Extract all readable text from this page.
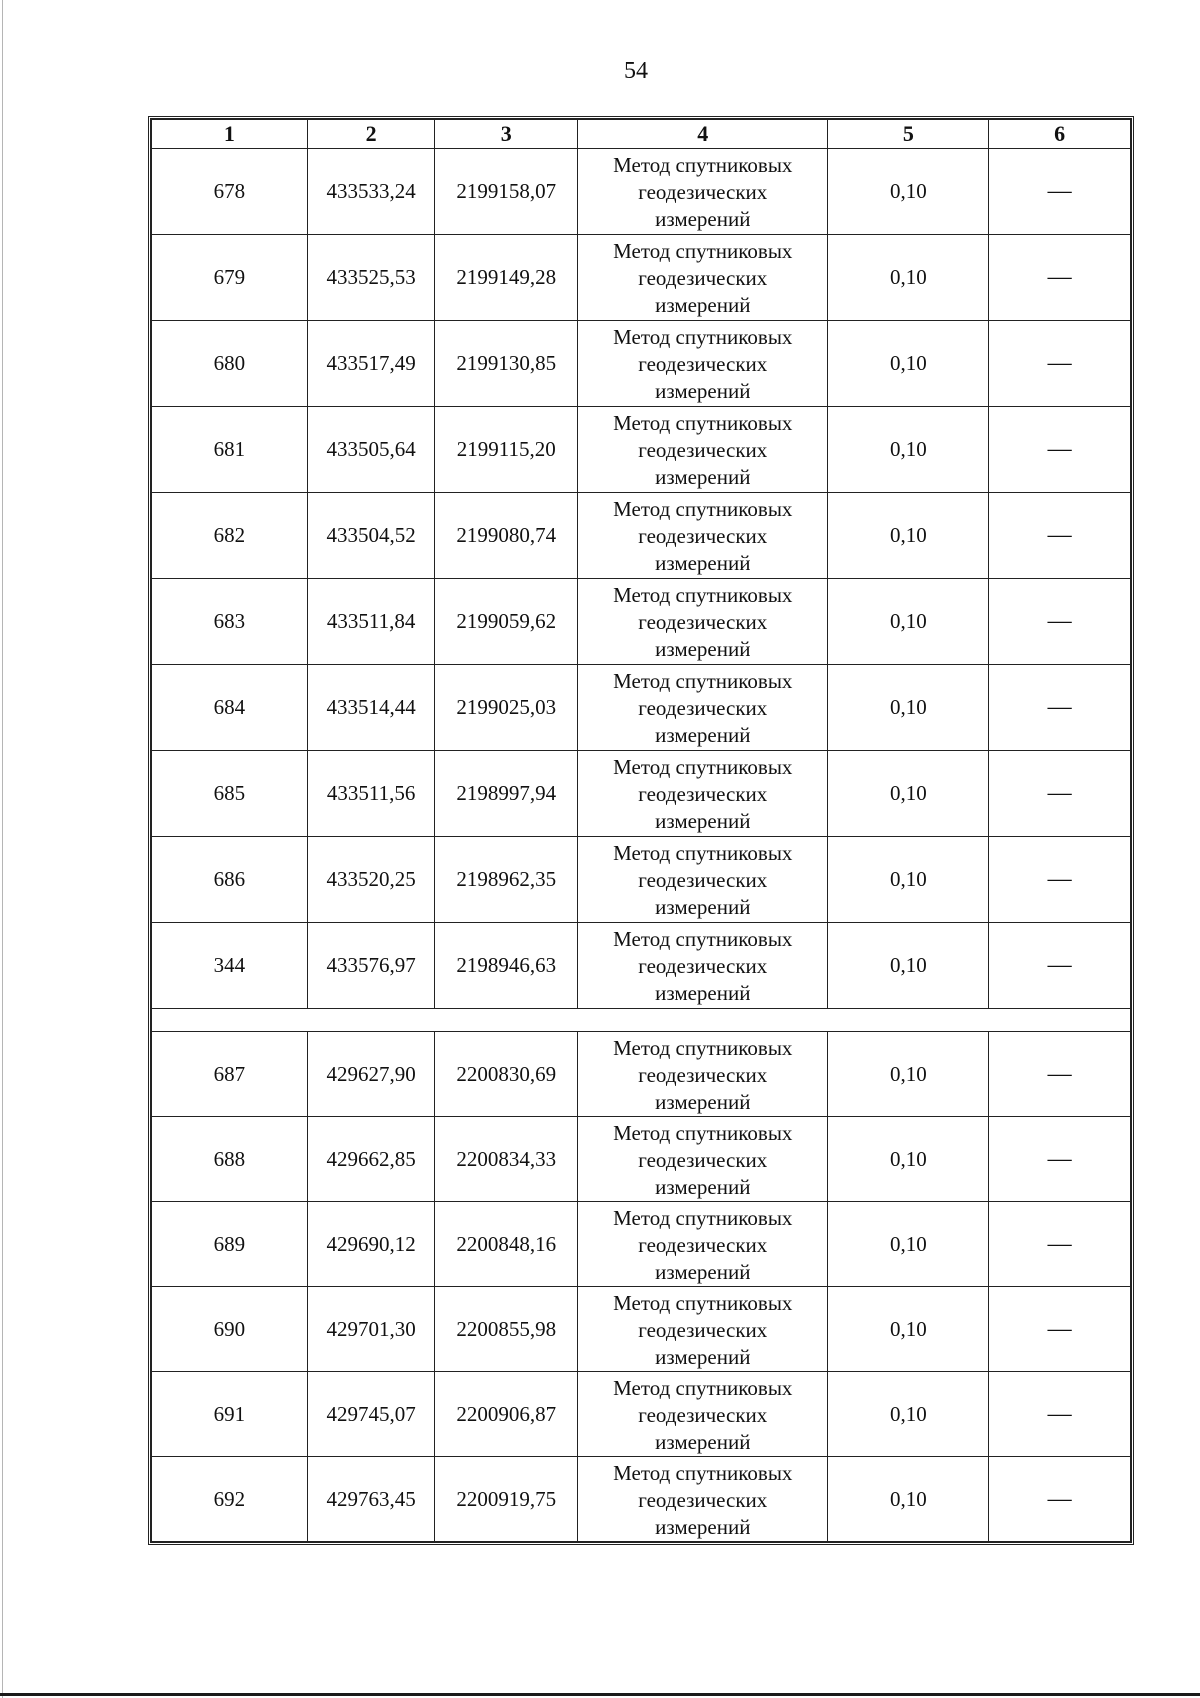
54
1	2	3	4	5	6
678	433533,24	2199158,07	Метод спутниковых
геодезических
измерений	0,10	—
679	433525,53	2199149,28	Метод спутниковых
геодезических
измерений	0,10	—
680	433517,49	2199130,85	Метод спутниковых
геодезических
измерений	0,10	—
681	433505,64	2199115,20	Метод спутниковых
геодезических
измерений	0,10	—
682	433504,52	2199080,74	Метод спутниковых
геодезических
измерений	0,10	—
683	433511,84	2199059,62	Метод спутниковых
геодезических
измерений	0,10	—
684	433514,44	2199025,03	Метод спутниковых
геодезических
измерений	0,10	—
685	433511,56	2198997,94	Метод спутниковых
геодезических
измерений	0,10	—
686	433520,25	2198962,35	Метод спутниковых
геодезических
измерений	0,10	—
344	433576,97	2198946,63	Метод спутниковых
геодезических
измерений	0,10	—

687	429627,90	2200830,69	Метод спутниковых
геодезических
измерений	0,10	—
688	429662,85	2200834,33	Метод спутниковых
геодезических
измерений	0,10	—
689	429690,12	2200848,16	Метод спутниковых
геодезических
измерений	0,10	—
690	429701,30	2200855,98	Метод спутниковых
геодезических
измерений	0,10	—
691	429745,07	2200906,87	Метод спутниковых
геодезических
измерений	0,10	—
692	429763,45	2200919,75	Метод спутниковых
геодезических
измерений	0,10	—
